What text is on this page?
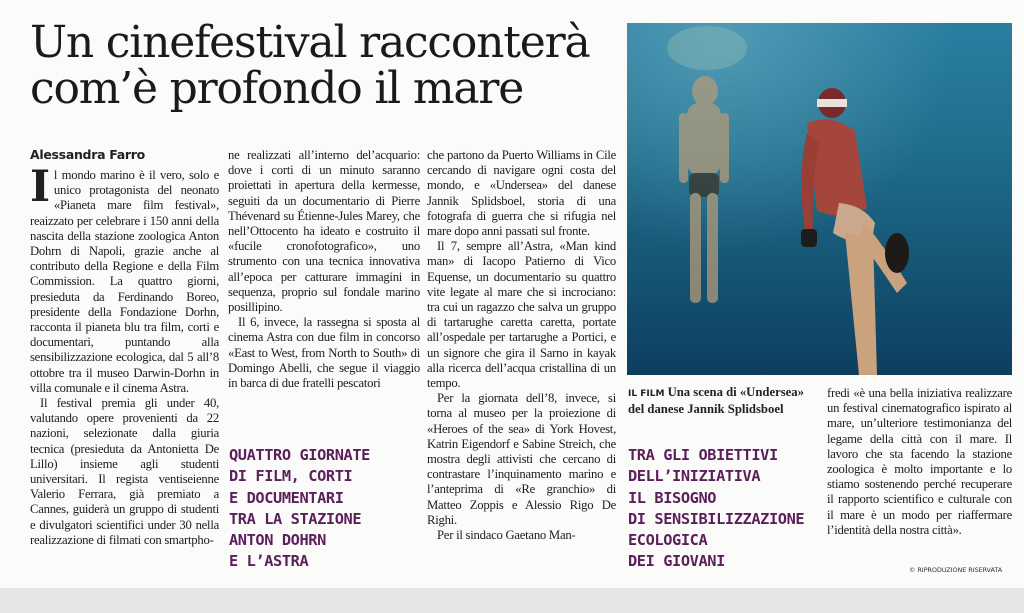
Un cinefestival racconterà
com’è profondo il mare
Alessandra Farro

Il mondo marino è il vero, solo e unico protagonista del neonato «Pianeta mare film festival», reaizzato per celebrare i 150 anni della nascita della stazione zoologica Anton Dohrn di Napoli, grazie anche al contributo della Regione e della Film Commission. La quattro giorni, presieduta da Ferdinando Boreo, presidente della Fondazione Dorhn, racconta il pianeta blu tra film, corti e documentari, puntando alla sensibilizzazione ecologica, dal 5 all’8 ottobre tra il museo Darwin-Dorhn in villa comunale e il cinema Astra.

Il festival premia gli under 40, valutando opere provenienti da 22 nazioni, selezionate dalla giuria tecnica (presieduta da Antonietta De Lillo) insieme agli studenti universitari. Il regista ventiseienne Valerio Ferrara, già premiato a Cannes, guiderà un gruppo di studenti e divulgatori scientifici under 30 nella realizzazione di filmati con smartpho-

ne realizzati all’interno del’acquario: dove i corti di un minuto saranno proiettati in apertura della kermesse, seguiti da un documentario di Pierre Thévenard su Étienne-Jules Marey, che nell’Ottocento ha ideato e costruito il «fucile cronofotografico», uno strumento con una tecnica innovativa all’epoca per catturare immagini in sequenza, proprio sul fondale marino posillipino.

Il 6, invece, la rassegna si sposta al cinema Astra con due film in concorso «East to West, from North to South» di Domingo Abelli, che segue il viaggio in barca di due fratelli pescatori

QUATTRO GIORNATE
DI FILM, CORTI
E DOCUMENTARI
TRA LA STAZIONE
ANTON DOHRN
E L’ASTRA

che partono da Puerto Williams in Cile cercando di navigare ogni costa del mondo, e «Undersea» del danese Jannik Splidsboel, storia di una fotografa di guerra che si rifugia nel mare dopo anni passati sul fronte.

Il 7, sempre all’Astra, «Man kind man» di Iacopo Patierno di Vico Equense, un documentario su quattro vite legate al mare che si incrociano: tra cui un ragazzo che salva un gruppo di tartarughe caretta caretta, portate all’ospedale per tartarughe a Portici, e un signore che gira il Sarno in kayak alla ricerca dell’acqua cristallina di un tempo.

Per la giornata dell’8, invece, si torna al museo per la proiezione di «Heroes of the sea» di York Hovest, Katrin Eigendorf e Sabine Streich, che mostra degli attivisti che cercano di contrastare l’inquinamento marino e l’anteprima di «Re granchio» di Matteo Zoppis e Alessio Rigo De Righi.

Per il sindaco Gaetano Man-

IL FILM Una scena di «Undersea» del danese Jannik Splidsboel
TRA GLI OBIETTIVI
DELL’INIZIATIVA
IL BISOGNO
DI SENSIBILIZZAZIONE
ECOLOGICA
DEI GIOVANI

fredi «è una bella iniziativa realizzare un festival cinematografico ispirato al mare, un’ulteriore testimonianza del legame della città con il mare. Il lavoro che sta facendo la stazione zoologica è molto importante e lo stiamo sostenendo perché recuperare il rapporto scientifico e culturale con il mare è un modo per riaffermare l’identità della nostra città».

© RIPRODUZIONE RISERVATA
